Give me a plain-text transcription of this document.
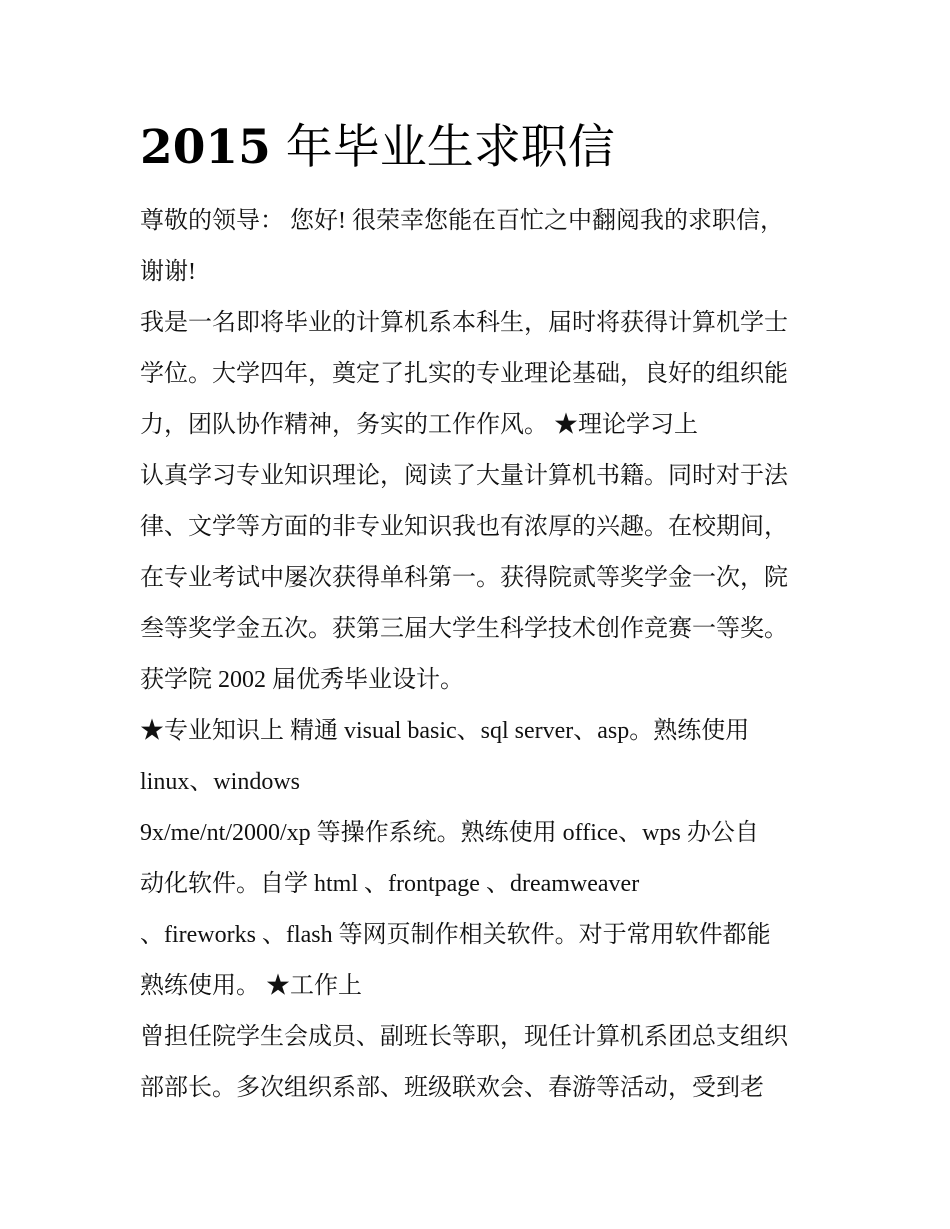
2015 年毕业生求职信
尊敬的领导： 您好! 很荣幸您能在百忙之中翻阅我的求职信，
谢谢!
我是一名即将毕业的计算机系本科生，届时将获得计算机学士
学位。大学四年，奠定了扎实的专业理论基础，良好的组织能
力，团队协作精神，务实的工作作风。 ★理论学习上
认真学习专业知识理论，阅读了大量计算机书籍。同时对于法
律、文学等方面的非专业知识我也有浓厚的兴趣。在校期间，
在专业考试中屡次获得单科第一。获得院贰等奖学金一次，院
叁等奖学金五次。获第三届大学生科学技术创作竞赛一等奖。
获学院 2002 届优秀毕业设计。
★专业知识上 精通 visual basic、sql server、asp。熟练使用
linux、windows
9x/me/nt/2000/xp 等操作系统。熟练使用 office、wps 办公自
动化软件。自学 html 、frontpage 、dreamweaver
、fireworks 、flash 等网页制作相关软件。对于常用软件都能
熟练使用。 ★工作上
曾担任院学生会成员、副班长等职，现任计算机系团总支组织
部部长。多次组织系部、班级联欢会、春游等活动，受到老
